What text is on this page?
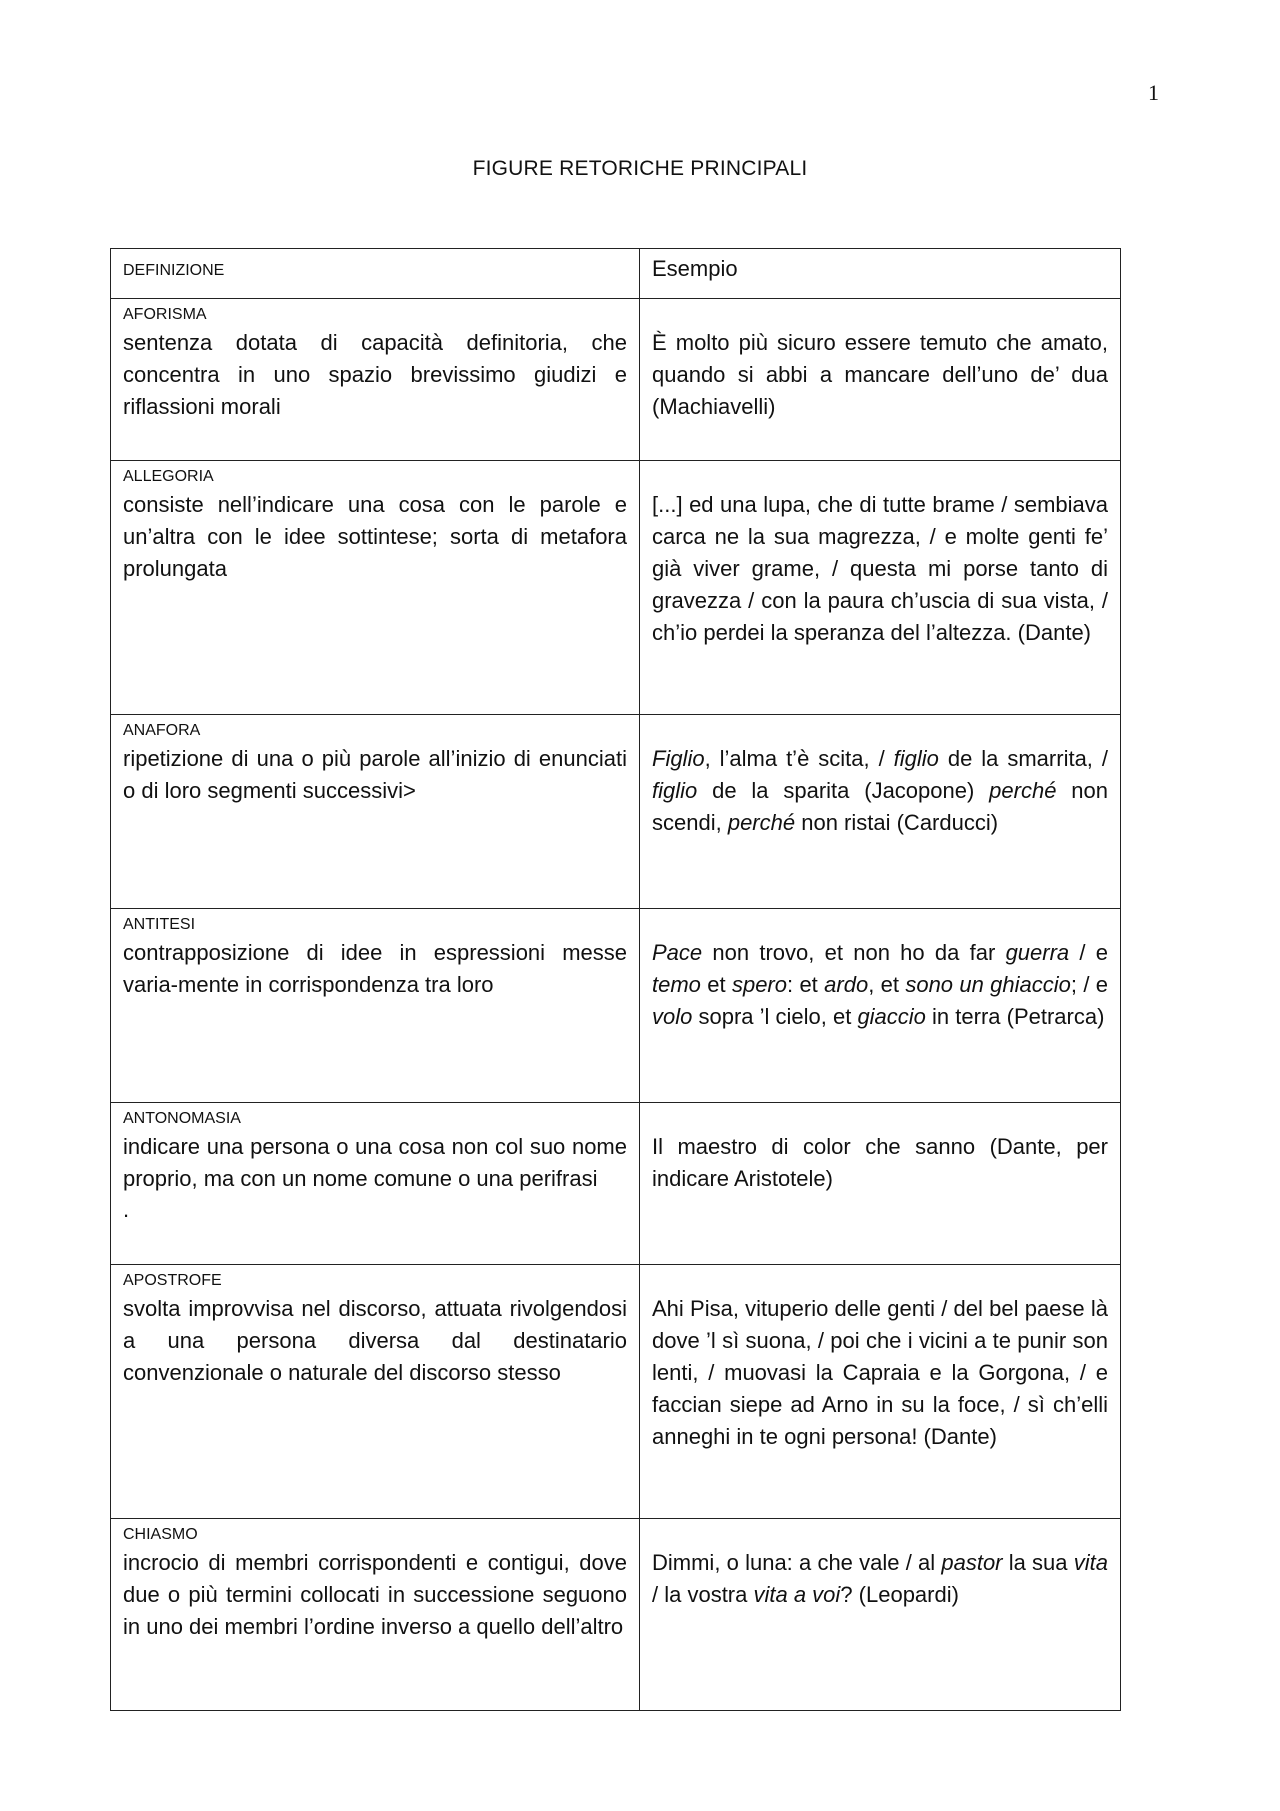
1
FIGURE RETORICHE PRINCIPALI
DEFINIZIONE	Esempio

AFORISMA
sentenza dotata di capacità definitoria, che concentra in uno spazio brevissimo giudizi e riflassioni morali	È molto più sicuro essere temuto che amato, quando si abbi a mancare dell’uno de’ dua (Machiavelli)

ALLEGORIA
consiste nell’indicare una cosa con le parole e un’altra con le idee sottintese; sorta di metafora prolungata	[...] ed una lupa, che di tutte brame / sembiava carca ne la sua magrezza, / e molte genti fe’ già viver grame, / questa mi porse tanto di gravezza / con la paura ch’uscia di sua vista, / ch’io perdei la speranza del l’altezza. (Dante)

ANAFORA
ripetizione di una o più parole all’inizio di enunciati o di loro segmenti successivi>	Figlio, l’alma t’è scita, / figlio de la smarrita, / figlio de la sparita (Jacopone) perché non scendi, perché non ristai (Carducci)

ANTITESI
contrapposizione di idee in espressioni messe varia-mente in corrispondenza tra loro	Pace non trovo, et non ho da far guerra / e temo et spero: et ardo, et sono un ghiaccio; / e volo sopra ’l cielo, et giaccio in terra (Petrarca)

ANTONOMASIA
indicare una persona o una cosa non col suo nome proprio, ma con un nome comune o una perifrasi
.	Il maestro di color che sanno (Dante, per indicare Aristotele)

APOSTROFE
svolta improvvisa nel discorso, attuata rivolgendosi a una persona diversa dal destinatario convenzionale o naturale del discorso stesso	Ahi Pisa, vituperio delle genti / del bel paese là dove ’l sì suona, / poi che i vicini a te punir son lenti, / muovasi la Capraia e la Gorgona, / e faccian siepe ad Arno in su la foce, / sì ch’elli anneghi in te ogni persona! (Dante)

CHIASMO
incrocio di membri corrispondenti e contigui, dove due o più termini collocati in successione seguono in uno dei membri l’ordine inverso a quello dell’altro	Dimmi, o luna: a che vale / al pastor la sua vita / la vostra vita a voi? (Leopardi)
